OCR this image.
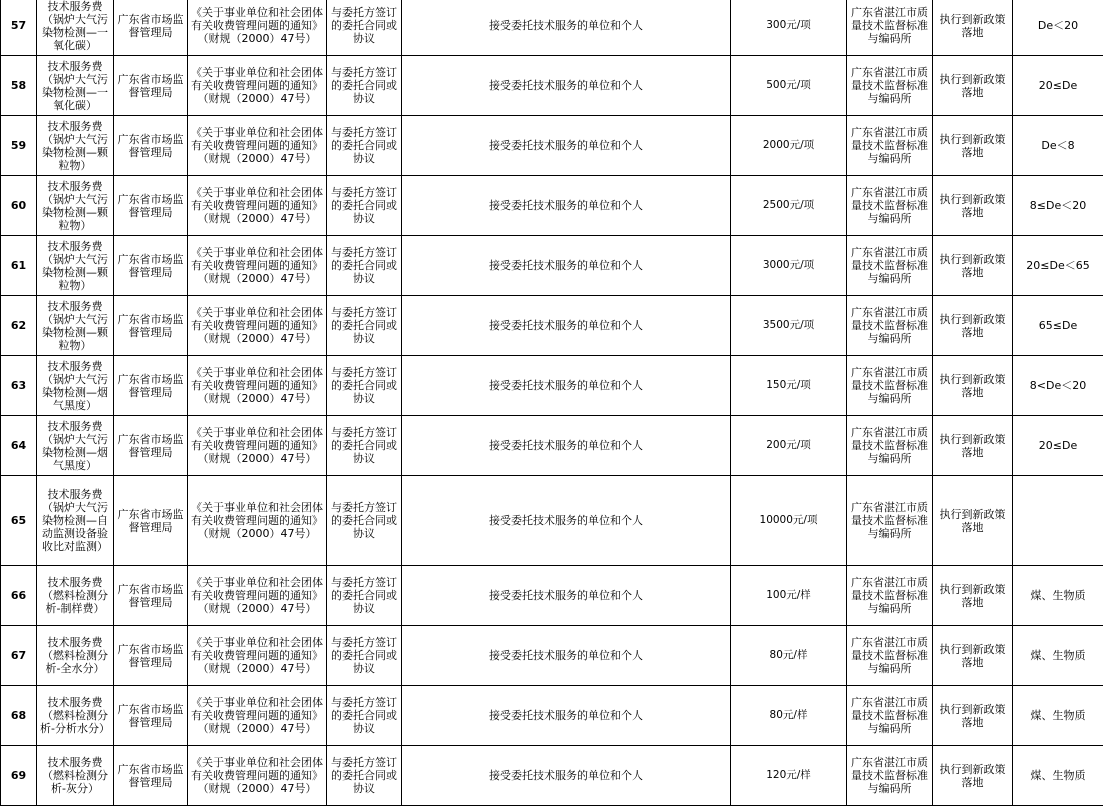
57	技术服务费（锅炉大气污染物检测—一氧化碳）	广东省市场监督管理局	《关于事业单位和社会团体有关收费管理问题的通知》（财规（2000）47号）	与委托方签订的委托合同或协议	接受委托技术服务的单位和个人	300元/项	广东省湛江市质量技术监督标准与编码所	执行到新政策落地	De＜20
58	技术服务费（锅炉大气污染物检测—一氧化碳）	广东省市场监督管理局	《关于事业单位和社会团体有关收费管理问题的通知》（财规（2000）47号）	与委托方签订的委托合同或协议	接受委托技术服务的单位和个人	500元/项	广东省湛江市质量技术监督标准与编码所	执行到新政策落地	20≤De
59	技术服务费（锅炉大气污染物检测—颗粒物）	广东省市场监督管理局	《关于事业单位和社会团体有关收费管理问题的通知》（财规（2000）47号）	与委托方签订的委托合同或协议	接受委托技术服务的单位和个人	2000元/项	广东省湛江市质量技术监督标准与编码所	执行到新政策落地	De＜8
60	技术服务费（锅炉大气污染物检测—颗粒物）	广东省市场监督管理局	《关于事业单位和社会团体有关收费管理问题的通知》（财规（2000）47号）	与委托方签订的委托合同或协议	接受委托技术服务的单位和个人	2500元/项	广东省湛江市质量技术监督标准与编码所	执行到新政策落地	8≤De＜20
61	技术服务费（锅炉大气污染物检测—颗粒物）	广东省市场监督管理局	《关于事业单位和社会团体有关收费管理问题的通知》（财规（2000）47号）	与委托方签订的委托合同或协议	接受委托技术服务的单位和个人	3000元/项	广东省湛江市质量技术监督标准与编码所	执行到新政策落地	20≤De＜65
62	技术服务费（锅炉大气污染物检测—颗粒物）	广东省市场监督管理局	《关于事业单位和社会团体有关收费管理问题的通知》（财规（2000）47号）	与委托方签订的委托合同或协议	接受委托技术服务的单位和个人	3500元/项	广东省湛江市质量技术监督标准与编码所	执行到新政策落地	65≤De
63	技术服务费（锅炉大气污染物检测—烟气黑度）	广东省市场监督管理局	《关于事业单位和社会团体有关收费管理问题的通知》（财规（2000）47号）	与委托方签订的委托合同或协议	接受委托技术服务的单位和个人	150元/项	广东省湛江市质量技术监督标准与编码所	执行到新政策落地	8<De＜20
64	技术服务费（锅炉大气污染物检测—烟气黑度）	广东省市场监督管理局	《关于事业单位和社会团体有关收费管理问题的通知》（财规（2000）47号）	与委托方签订的委托合同或协议	接受委托技术服务的单位和个人	200元/项	广东省湛江市质量技术监督标准与编码所	执行到新政策落地	20≤De
65	技术服务费（锅炉大气污染物检测—自动监测设备验收比对监测）	广东省市场监督管理局	《关于事业单位和社会团体有关收费管理问题的通知》（财规（2000）47号）	与委托方签订的委托合同或协议	接受委托技术服务的单位和个人	10000元/项	广东省湛江市质量技术监督标准与编码所	执行到新政策落地	
66	技术服务费（燃料检测分析-制样费）	广东省市场监督管理局	《关于事业单位和社会团体有关收费管理问题的通知》（财规（2000）47号）	与委托方签订的委托合同或协议	接受委托技术服务的单位和个人	100元/样	广东省湛江市质量技术监督标准与编码所	执行到新政策落地	煤、生物质
67	技术服务费（燃料检测分析-全水分）	广东省市场监督管理局	《关于事业单位和社会团体有关收费管理问题的通知》（财规（2000）47号）	与委托方签订的委托合同或协议	接受委托技术服务的单位和个人	80元/样	广东省湛江市质量技术监督标准与编码所	执行到新政策落地	煤、生物质
68	技术服务费（燃料检测分析-分析水分）	广东省市场监督管理局	《关于事业单位和社会团体有关收费管理问题的通知》（财规（2000）47号）	与委托方签订的委托合同或协议	接受委托技术服务的单位和个人	80元/样	广东省湛江市质量技术监督标准与编码所	执行到新政策落地	煤、生物质
69	技术服务费（燃料检测分析-灰分）	广东省市场监督管理局	《关于事业单位和社会团体有关收费管理问题的通知》（财规（2000）47号）	与委托方签订的委托合同或协议	接受委托技术服务的单位和个人	120元/样	广东省湛江市质量技术监督标准与编码所	执行到新政策落地	煤、生物质
